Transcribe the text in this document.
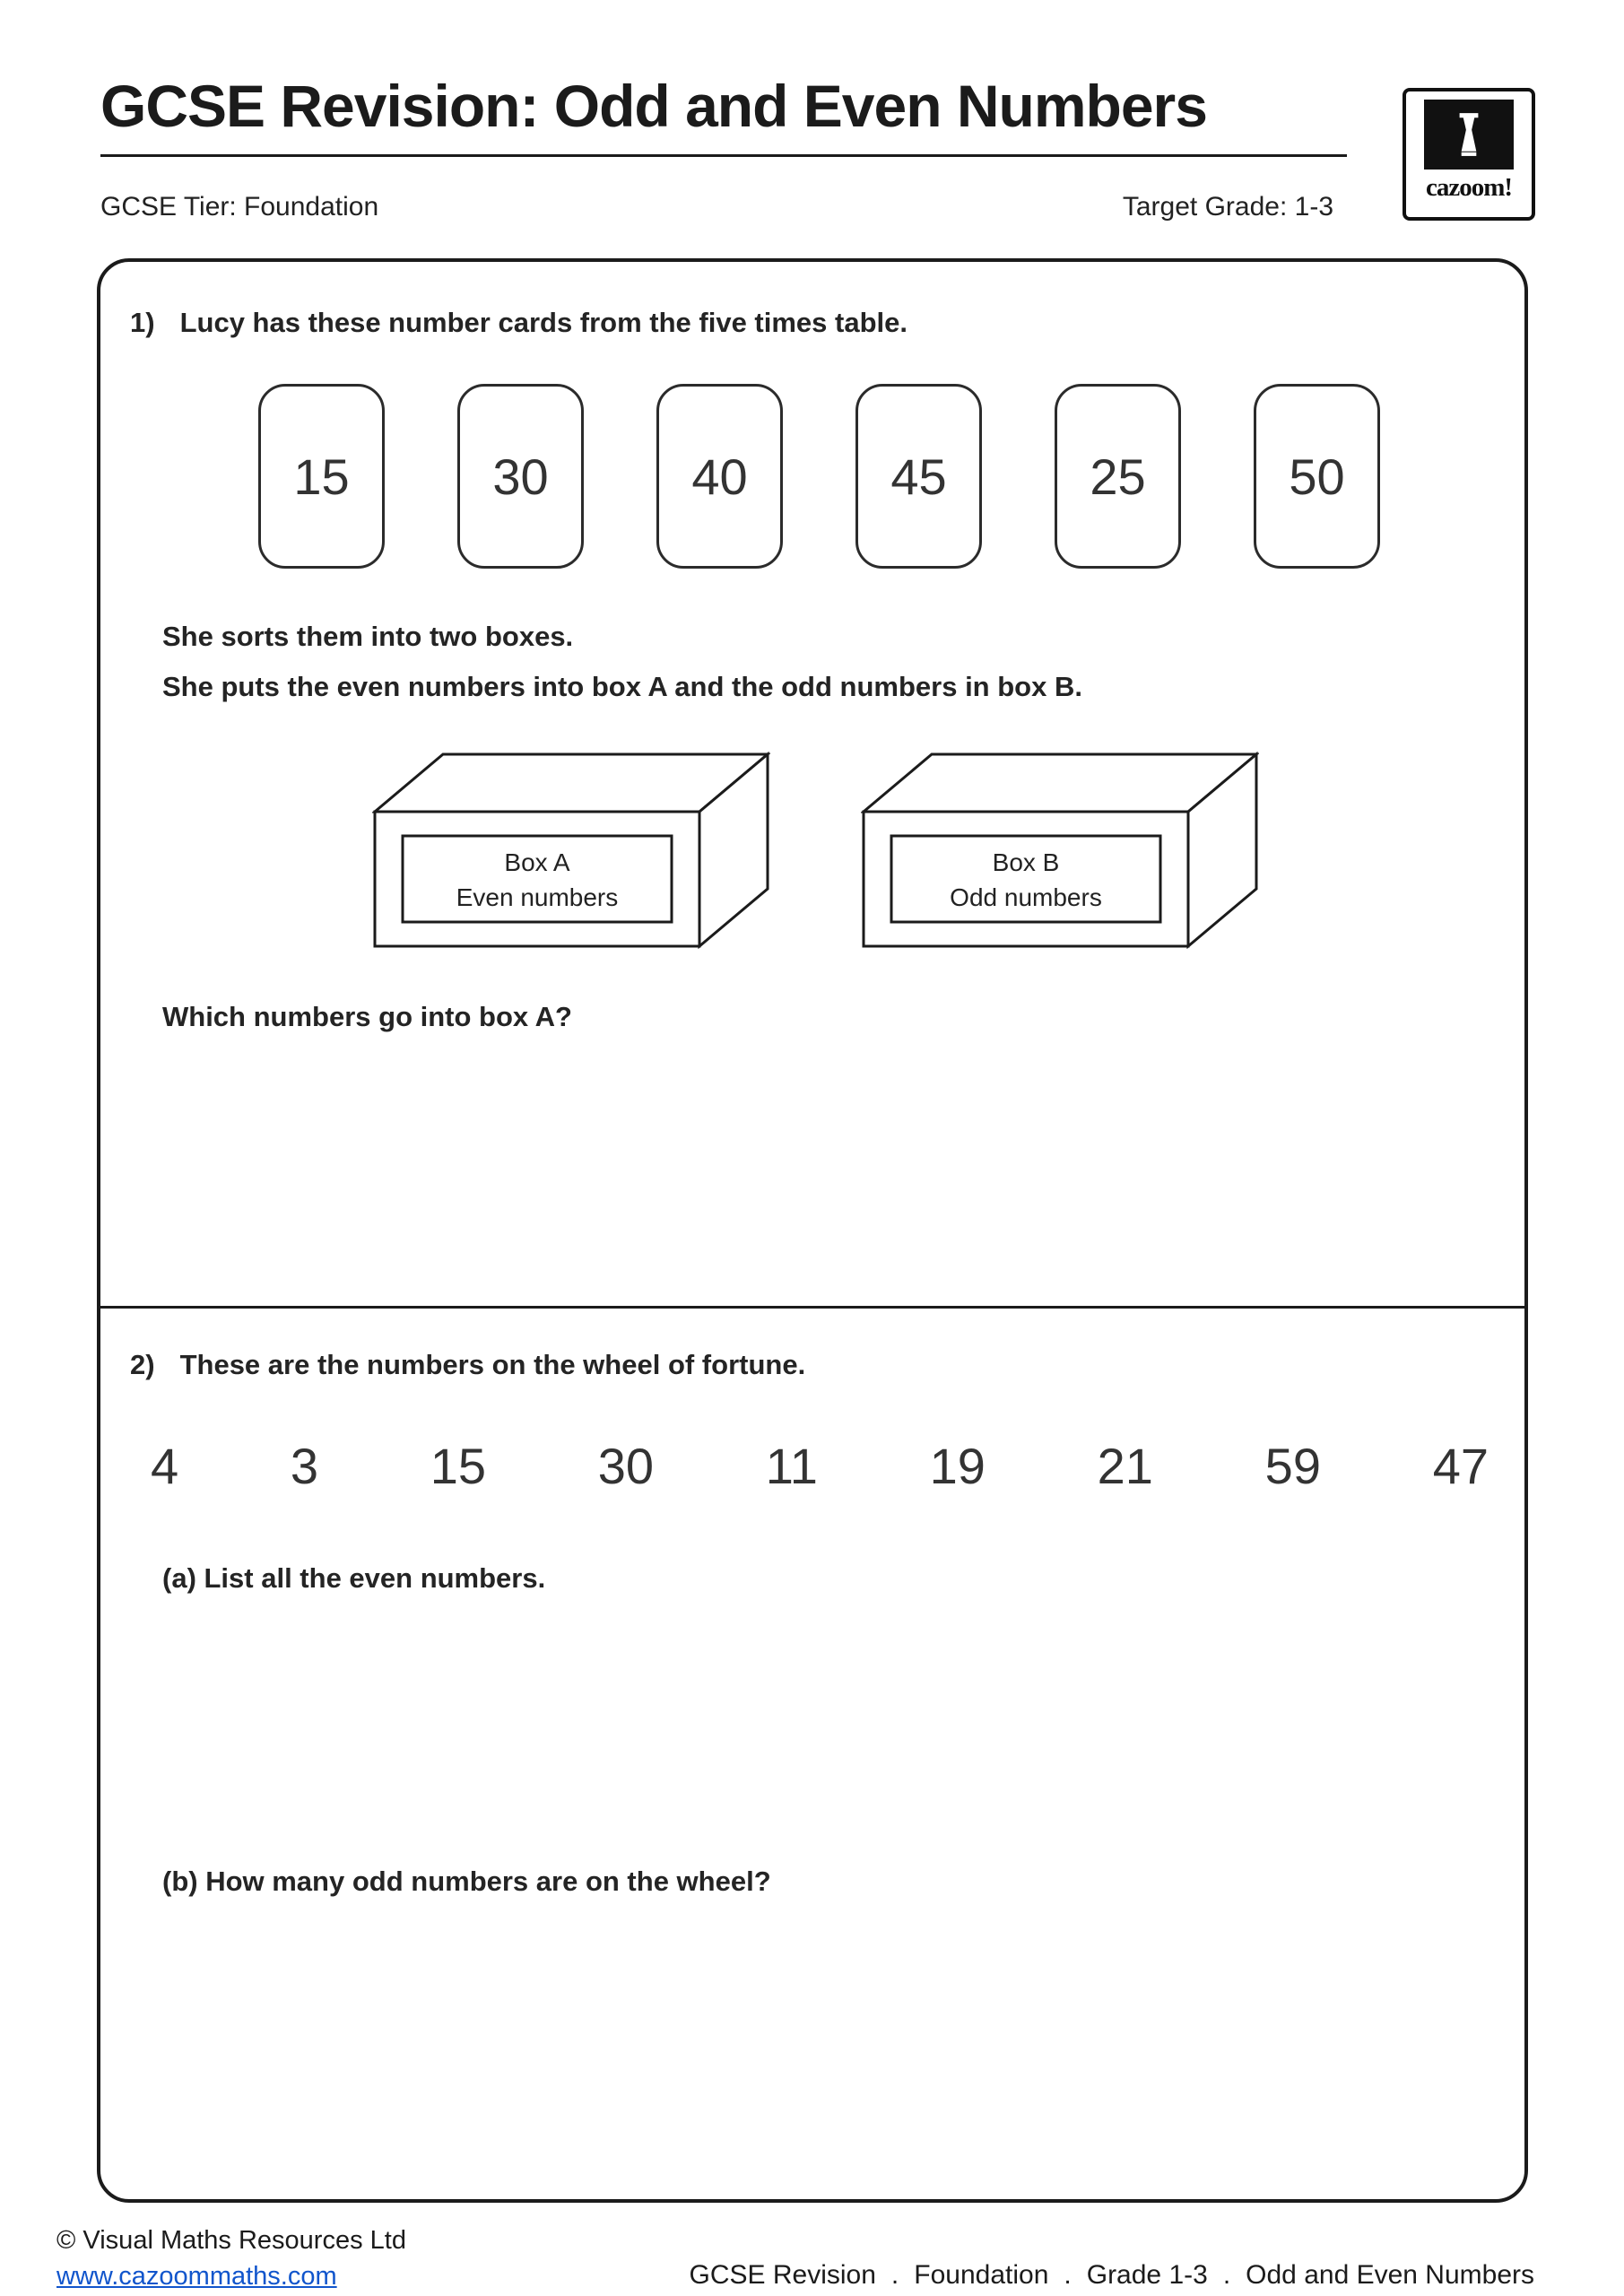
GCSE Revision: Odd and Even Numbers
GCSE Tier: Foundation	Target Grade: 1-3
cazoom!
1) Lucy has these number cards from the five times table.
15	30	40	45	25	50
She sorts them into two boxes.
She puts the even numbers into box A and the odd numbers in box B.
Box A
Even numbers
Box B
Odd numbers
Which numbers go into box A?
2) These are the numbers on the wheel of fortune.
4 3 15 30 11 19 21 59 47
(a) List all the even numbers.
(b) How many odd numbers are on the wheel?
© Visual Maths Resources Ltd
www.cazoommaths.com	GCSE Revision . Foundation . Grade 1-3 . Odd and Even Numbers
